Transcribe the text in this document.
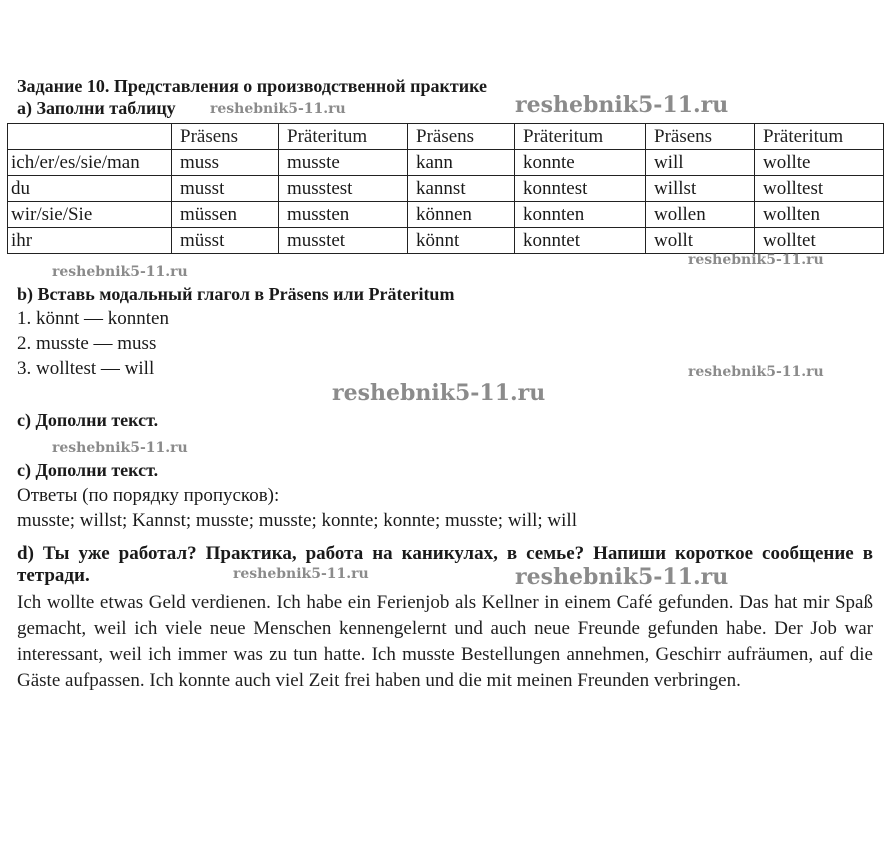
Задание 10. Представления о производственной практике
а) Заполни таблицу
	Präsens	Präteritum	Präsens	Präteritum	Präsens	Präteritum
ich/er/es/sie/man	muss	musste	kann	konnte	will	wollte
du	musst	musstest	kannst	konntest	willst	wolltest
wir/sie/Sie	müssen	mussten	können	konnten	wollen	wollten
ihr	müsst	musstet	könnt	konntet	wollt	wolltet
b) Вставь модальный глагол в Präsens или Präteritum
1. könnt — konnten
2. musste — muss
3. wolltest — will
с) Дополни текст.
с) Дополни текст.
Ответы (по порядку пропусков):
musste; willst; Kannst; musste; musste; konnte; konnte; musste; will; will
d) Ты уже работал? Практика, работа на каникулах, в семье? Напиши короткое сообщение в тетради.
Ich wollte etwas Geld verdienen. Ich habe ein Ferienjob als Kellner in einem Café gefunden. Das hat mir Spaß gemacht, weil ich viele neue Menschen kennengelernt und auch neue Freunde gefunden habe. Der Job war interessant, weil ich immer was zu tun hatte. Ich musste Bestellungen annehmen, Geschirr aufräumen, auf die Gäste aufpassen. Ich konnte auch viel Zeit frei haben und die mit meinen Freunden verbringen.
reshebnik5-11.ru	reshebnik5-11.ru
reshebnik5-11.ru
reshebnik5-11.ru
reshebnik5-11.ru
reshebnik5-11.ru
reshebnik5-11.ru
reshebnik5-11.ru	reshebnik5-11.ru
